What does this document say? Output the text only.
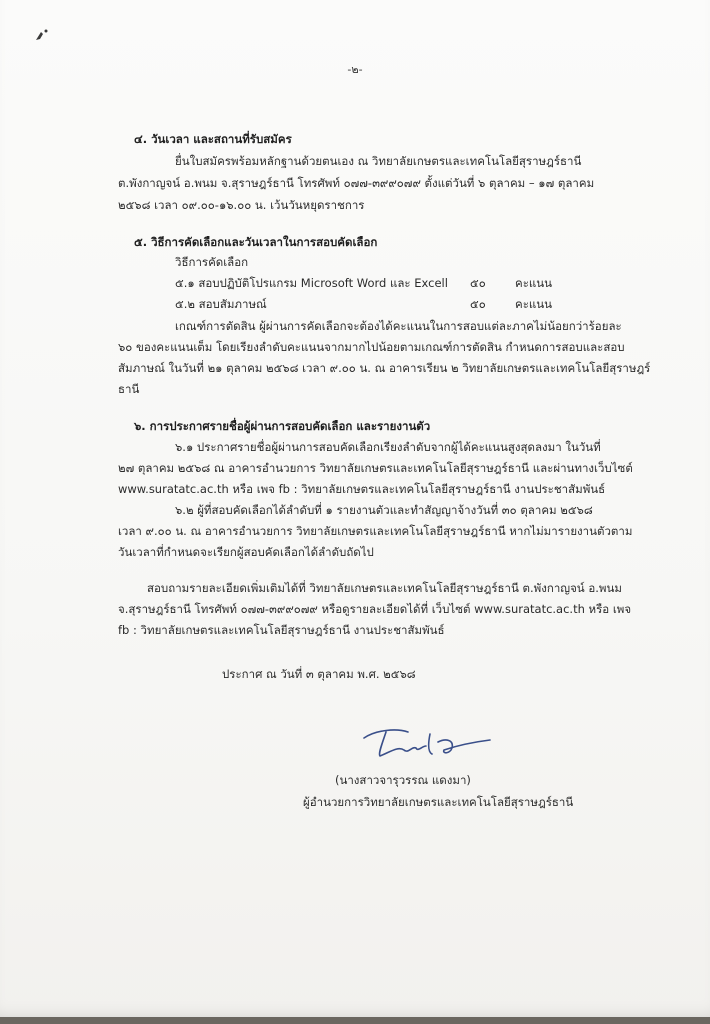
-๒-
๔. วันเวลา และสถานที่รับสมัคร
ยื่นใบสมัครพร้อมหลักฐานด้วยตนเอง ณ วิทยาลัยเกษตรและเทคโนโลยีสุราษฎร์ธานี
ต.พังกาญจน์ อ.พนม จ.สุราษฎร์ธานี โทรศัพท์ ๐๗๗-๓๙๙๐๗๙ ตั้งแต่วันที่ ๖ ตุลาคม – ๑๗ ตุลาคม
๒๕๖๘ เวลา ๐๙.๐๐-๑๖.๐๐ น. เว้นวันหยุดราชการ
๕. วิธีการคัดเลือกและวันเวลาในการสอบคัดเลือก
วิธีการคัดเลือก
๕.๑ สอบปฏิบัติโปรแกรม Microsoft Word และ Excell ๕๐	คะแนน
๕.๒ สอบสัมภาษณ์	๕๐	คะแนน
เกณฑ์การตัดสิน ผู้ผ่านการคัดเลือกจะต้องได้คะแนนในการสอบแต่ละภาคไม่น้อยกว่าร้อยละ
๖๐ ของคะแนนเต็ม โดยเรียงลำดับคะแนนจากมากไปน้อยตามเกณฑ์การตัดสิน กำหนดการสอบและสอบ
สัมภาษณ์ ในวันที่ ๒๑ ตุลาคม ๒๕๖๘ เวลา ๙.๐๐ น. ณ อาคารเรียน ๒ วิทยาลัยเกษตรและเทคโนโลยีสุราษฎร์
ธานี
๖. การประกาศรายชื่อผู้ผ่านการสอบคัดเลือก และรายงานตัว
๖.๑ ประกาศรายชื่อผู้ผ่านการสอบคัดเลือกเรียงลำดับจากผู้ได้คะแนนสูงสุดลงมา ในวันที่
๒๗ ตุลาคม ๒๕๖๘ ณ อาคารอำนวยการ วิทยาลัยเกษตรและเทคโนโลยีสุราษฎร์ธานี และผ่านทางเว็บไซต์
www.suratatc.ac.th หรือ เพจ fb : วิทยาลัยเกษตรและเทคโนโลยีสุราษฎร์ธานี งานประชาสัมพันธ์
๖.๒ ผู้ที่สอบคัดเลือกได้ลำดับที่ ๑ รายงานตัวและทำสัญญาจ้างวันที่ ๓๐ ตุลาคม ๒๕๖๘
เวลา ๙.๐๐ น. ณ อาคารอำนวยการ วิทยาลัยเกษตรและเทคโนโลยีสุราษฎร์ธานี หากไม่มารายงานตัวตาม
วันเวลาที่กำหนดจะเรียกผู้สอบคัดเลือกได้ลำดับถัดไป
สอบถามรายละเอียดเพิ่มเติมได้ที่ วิทยาลัยเกษตรและเทคโนโลยีสุราษฎร์ธานี ต.พังกาญจน์ อ.พนม
จ.สุราษฎร์ธานี โทรศัพท์ ๐๗๗-๓๙๙๐๗๙ หรือดูรายละเอียดได้ที่ เว็บไซต์ www.suratatc.ac.th หรือ เพจ
fb : วิทยาลัยเกษตรและเทคโนโลยีสุราษฎร์ธานี งานประชาสัมพันธ์
ประกาศ ณ วันที่ ๓ ตุลาคม พ.ศ. ๒๕๖๘
(นางสาวจารุวรรณ แดงมา)
ผู้อำนวยการวิทยาลัยเกษตรและเทคโนโลยีสุราษฎร์ธานี
